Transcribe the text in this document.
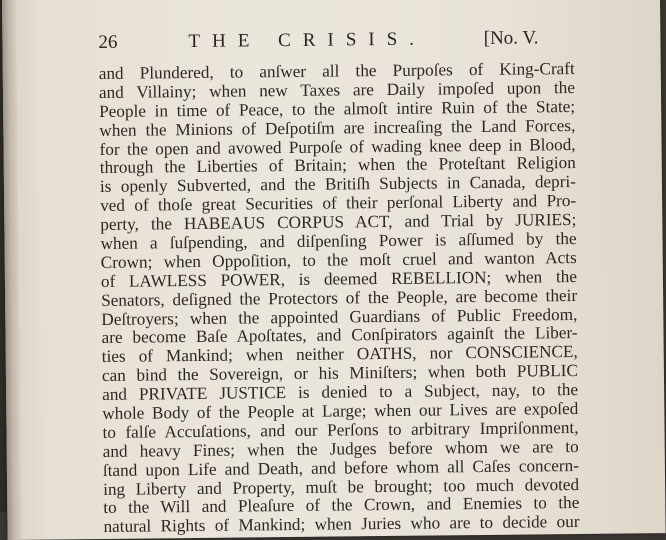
26	THE CRISIS.	[No. V.
and Plundered, to anſwer all the Purpoſes of King-Craft
and Villainy; when new Taxes are Daily impoſed upon the
People in time of Peace, to the almoſt intire Ruin of the State;
when the Minions of Deſpotiſm are increaſing the Land Forces,
for the open and avowed Purpoſe of wading knee deep in Blood,
through the Liberties of Britain; when the Proteſtant Religion
is openly Subverted, and the Britiſh Subjects in Canada, depri-
ved of thoſe great Securities of their perſonal Liberty and Pro-
perty, the HABEAUS CORPUS ACT, and Trial by JURIES;
when a ſuſpending, and diſpenſing Power is aſſumed by the
Crown; when Oppoſition, to the moſt cruel and wanton Acts
of LAWLESS POWER, is deemed REBELLION; when the
Senators, deſigned the Protectors of the People, are become their
Deſtroyers; when the appointed Guardians of Public Freedom,
are become Baſe Apoſtates, and Conſpirators againſt the Liber-
ties of Mankind; when neither OATHS, nor CONSCIENCE,
can bind the Sovereign, or his Miniſters; when both PUBLIC
and PRIVATE JUSTICE is denied to a Subject, nay, to the
whole Body of the People at Large; when our Lives are expoſed
to falſe Accuſations, and our Perſons to arbitrary Impriſonment,
and heavy Fines; when the Judges before whom we are to
ſtand upon Life and Death, and before whom all Caſes concern-
ing Liberty and Property, muſt be brought; too much devoted
to the Will and Pleaſure of the Crown, and Enemies to the
natural Rights of Mankind; when Juries who are to decide our
